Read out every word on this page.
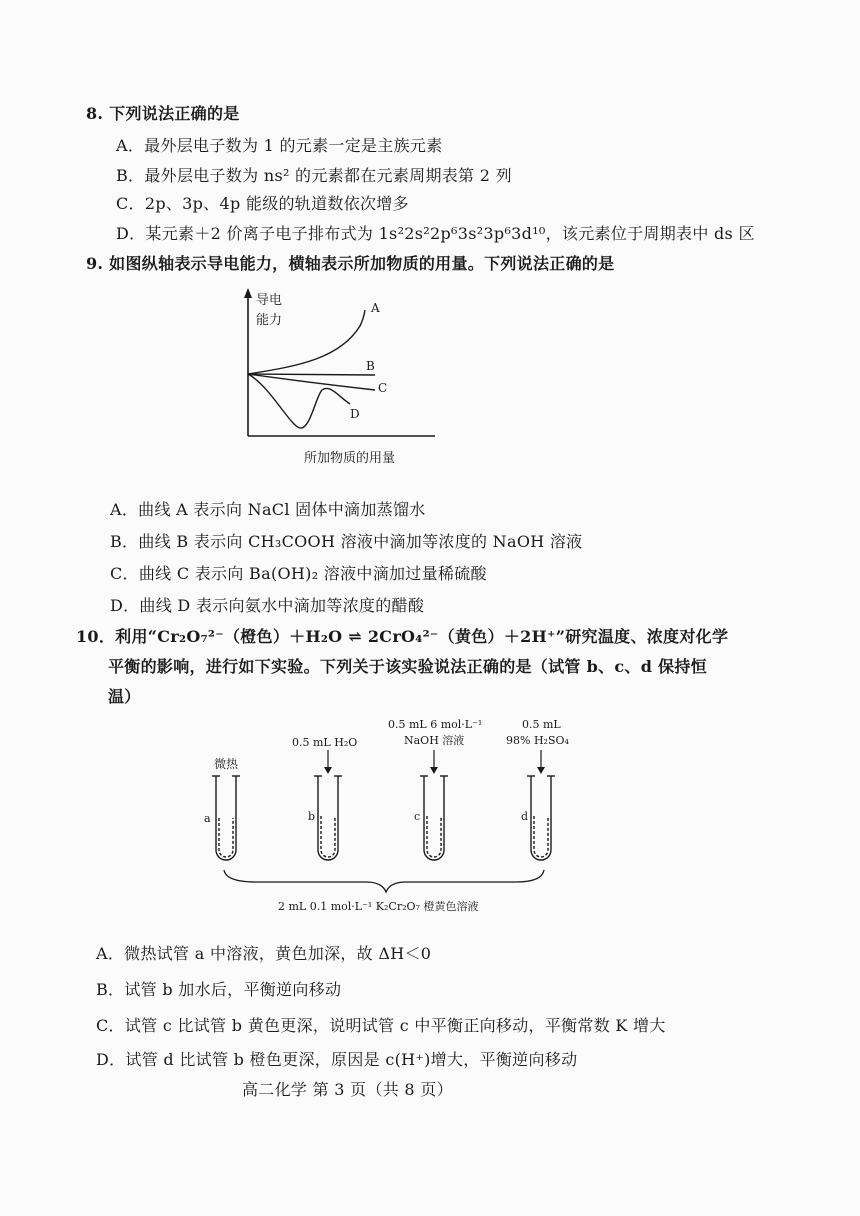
8. 下列说法正确的是
A．最外层电子数为 1 的元素一定是主族元素
B．最外层电子数为 ns² 的元素都在元素周期表第 2 列
C．2p、3p、4p 能级的轨道数依次增多
D．某元素＋2 价离子电子排布式为 1s²2s²2p⁶3s²3p⁶3d¹⁰，该元素位于周期表中 ds 区
9. 如图纵轴表示导电能力，横轴表示所加物质的用量。下列说法正确的是
导电
能力
A
B
C
D
所加物质的用量
A．曲线 A 表示向 NaCl 固体中滴加蒸馏水
B．曲线 B 表示向 CH₃COOH 溶液中滴加等浓度的 NaOH 溶液
C．曲线 C 表示向 Ba(OH)₂ 溶液中滴加过量稀硫酸
D．曲线 D 表示向氨水中滴加等浓度的醋酸
10．利用“Cr₂O₇²⁻（橙色）＋H₂O ⇌ 2CrO₄²⁻（黄色）＋2H⁺”研究温度、浓度对化学
平衡的影响，进行如下实验。下列关于该实验说法正确的是（试管 b、c、d 保持恒
温）
微热
0.5 mL H₂O
0.5 mL 6 mol·L⁻¹
NaOH 溶液
0.5 mL
98% H₂SO₄
a	b	c	d
2 mL 0.1 mol·L⁻¹ K₂Cr₂O₇ 橙黄色溶液
A．微热试管 a 中溶液，黄色加深，故 ΔH＜0
B．试管 b 加水后，平衡逆向移动
C．试管 c 比试管 b 黄色更深，说明试管 c 中平衡正向移动，平衡常数 K 增大
D．试管 d 比试管 b 橙色更深，原因是 c(H⁺)增大，平衡逆向移动
高二化学 第 3 页（共 8 页）
